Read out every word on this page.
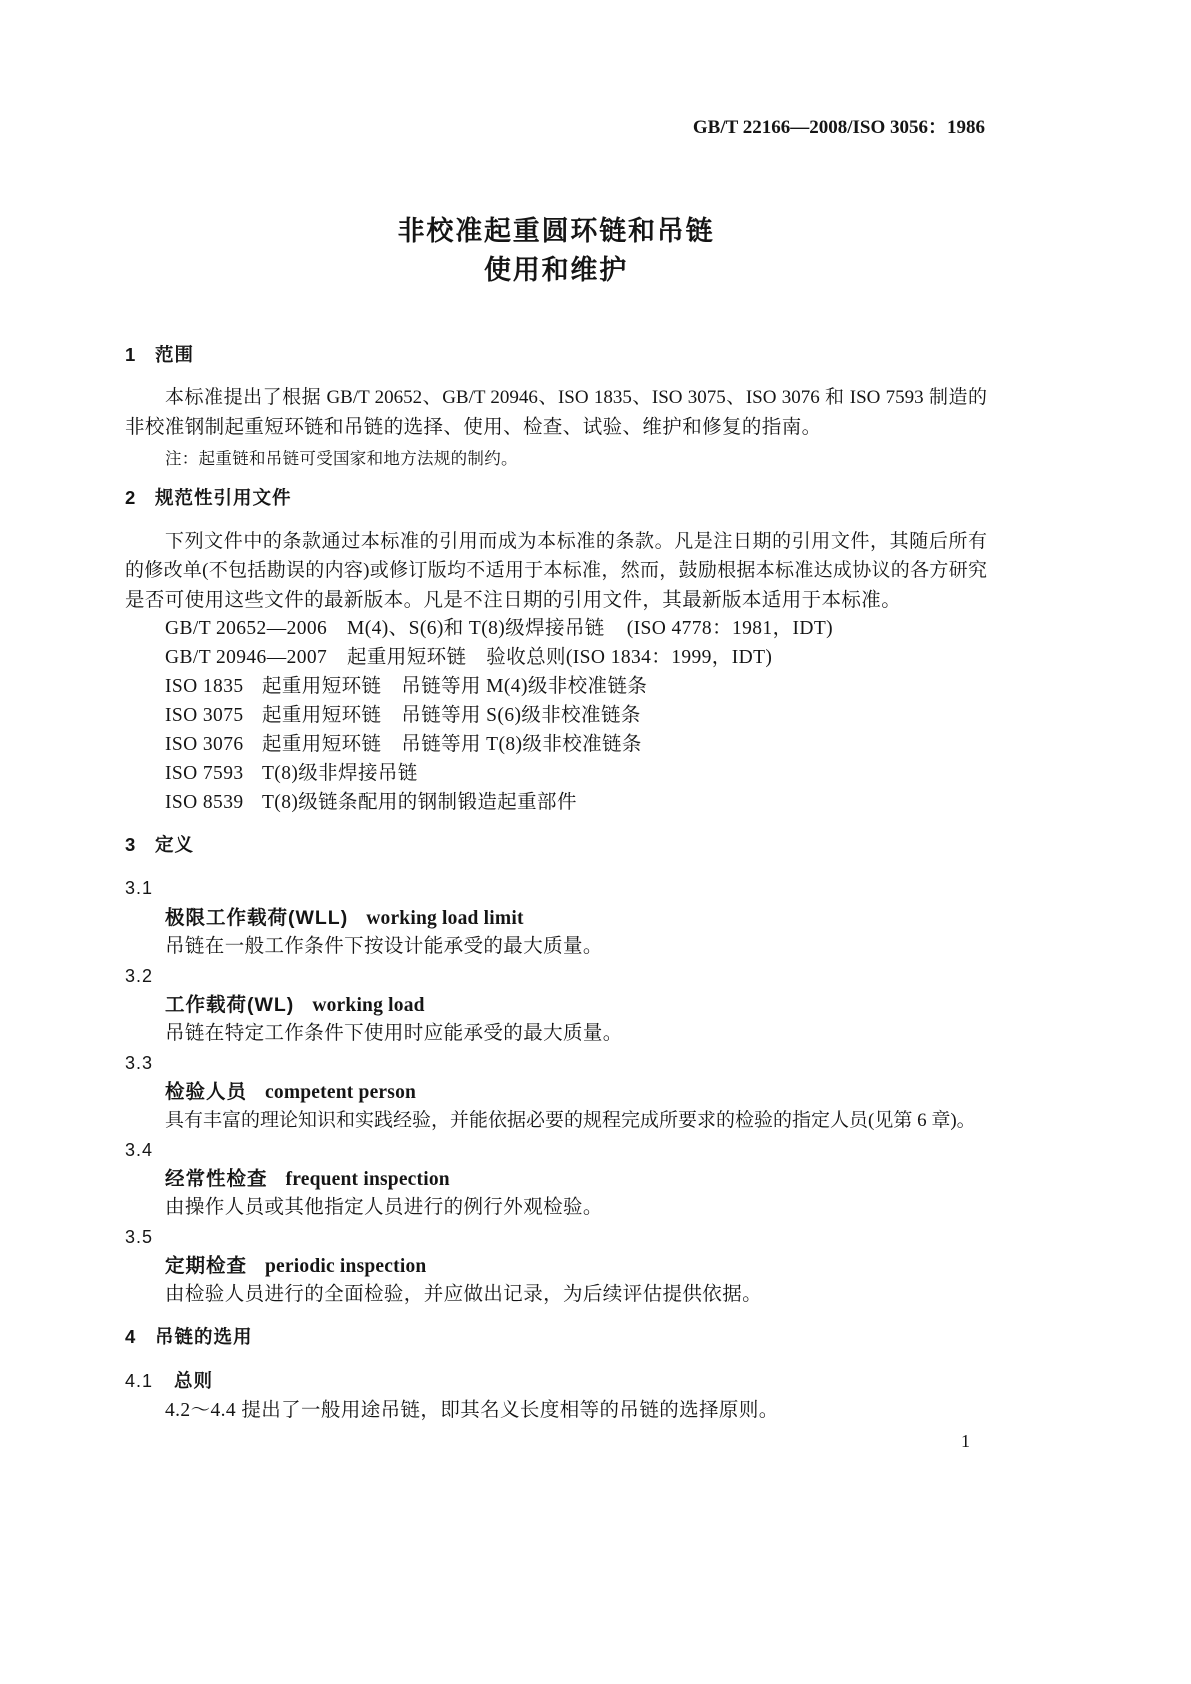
GB/T 22166—2008/ISO 3056：1986
非校准起重圆环链和吊链
使用和维护
1 范围
本标准提出了根据 GB/T 20652、GB/T 20946、ISO 1835、ISO 3075、ISO 3076 和 ISO 7593 制造的
非校准钢制起重短环链和吊链的选择、使用、检查、试验、维护和修复的指南。
注：起重链和吊链可受国家和地方法规的制约。
2 规范性引用文件
下列文件中的条款通过本标准的引用而成为本标准的条款。凡是注日期的引用文件，其随后所有
的修改单(不包括勘误的内容)或修订版均不适用于本标准，然而，鼓励根据本标准达成协议的各方研究
是否可使用这些文件的最新版本。凡是不注日期的引用文件，其最新版本适用于本标准。
GB/T 20652—2006 M(4)、S(6)和 T(8)级焊接吊链 (ISO 4778：1981，IDT)
GB/T 20946—2007 起重用短环链　验收总则(ISO 1834：1999，IDT)
ISO 1835 起重用短环链　吊链等用 M(4)级非校准链条
ISO 3075 起重用短环链　吊链等用 S(6)级非校准链条
ISO 3076 起重用短环链　吊链等用 T(8)级非校准链条
ISO 7593 T(8)级非焊接吊链
ISO 8539 T(8)级链条配用的钢制锻造起重部件
3 定义
3.1
极限工作载荷(WLL) working load limit
吊链在一般工作条件下按设计能承受的最大质量。
3.2
工作载荷(WL) working load
吊链在特定工作条件下使用时应能承受的最大质量。
3.3
检验人员 competent person
具有丰富的理论知识和实践经验，并能依据必要的规程完成所要求的检验的指定人员(见第 6 章)。
3.4
经常性检查 frequent inspection
由操作人员或其他指定人员进行的例行外观检验。
3.5
定期检查 periodic inspection
由检验人员进行的全面检验，并应做出记录，为后续评估提供依据。
4 吊链的选用
4.1 总则
4.2～4.4 提出了一般用途吊链，即其名义长度相等的吊链的选择原则。
1
